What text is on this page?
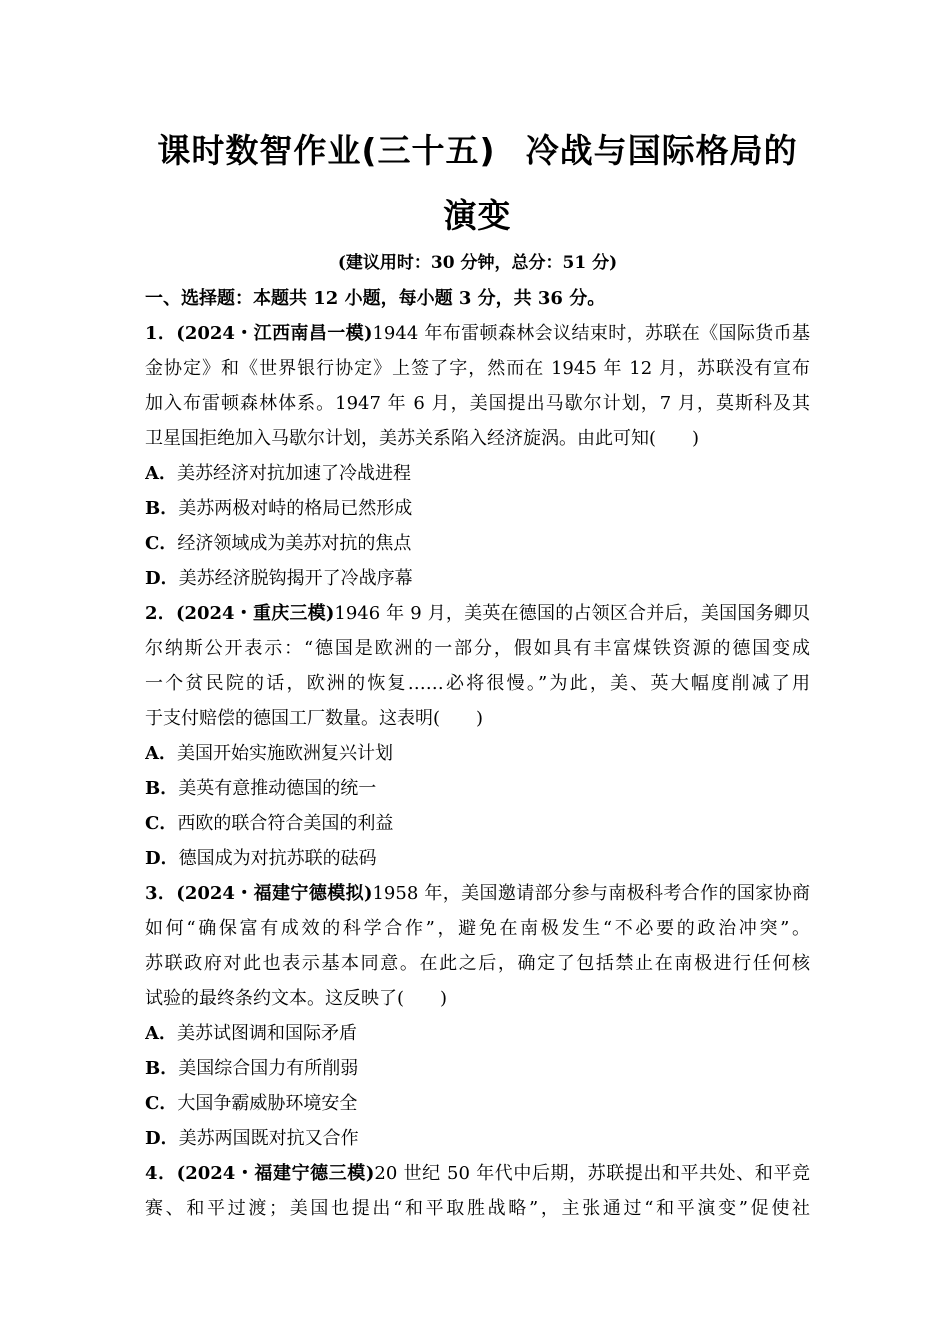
课时数智作业(三十五) 冷战与国际格局的
演变
(建议用时：30 分钟，总分：51 分)
一、选择题：本题共 12 小题，每小题 3 分，共 36 分。
1．(2024・江西南昌一模)1944 年布雷顿森林会议结束时，苏联在《国际货币基
金协定》和《世界银行协定》上签了字，然而在 1945 年 12 月，苏联没有宣布
加入布雷顿森林体系。1947 年 6 月，美国提出马歇尔计划，7 月，莫斯科及其
卫星国拒绝加入马歇尔计划，美苏关系陷入经济旋涡。由此可知(　　)
A．美苏经济对抗加速了冷战进程
B．美苏两极对峙的格局已然形成
C．经济领域成为美苏对抗的焦点
D．美苏经济脱钩揭开了冷战序幕
2．(2024・重庆三模)1946 年 9 月，美英在德国的占领区合并后，美国国务卿贝
尔纳斯公开表示：“德国是欧洲的一部分，假如具有丰富煤铁资源的德国变成
一个贫民院的话，欧洲的恢复……必将很慢。”为此，美、英大幅度削减了用
于支付赔偿的德国工厂数量。这表明(　　)
A．美国开始实施欧洲复兴计划
B．美英有意推动德国的统一
C．西欧的联合符合美国的利益
D．德国成为对抗苏联的砝码
3．(2024・福建宁德模拟)1958 年，美国邀请部分参与南极科考合作的国家协商
如何“确保富有成效的科学合作”，避免在南极发生“不必要的政治冲突”。
苏联政府对此也表示基本同意。在此之后，确定了包括禁止在南极进行任何核
试验的最终条约文本。这反映了(　　)
A．美苏试图调和国际矛盾
B．美国综合国力有所削弱
C．大国争霸威胁环境安全
D．美苏两国既对抗又合作
4．(2024・福建宁德三模)20 世纪 50 年代中后期，苏联提出和平共处、和平竞
赛、和平过渡；美国也提出“和平取胜战略”，主张通过“和平演变”促使社
